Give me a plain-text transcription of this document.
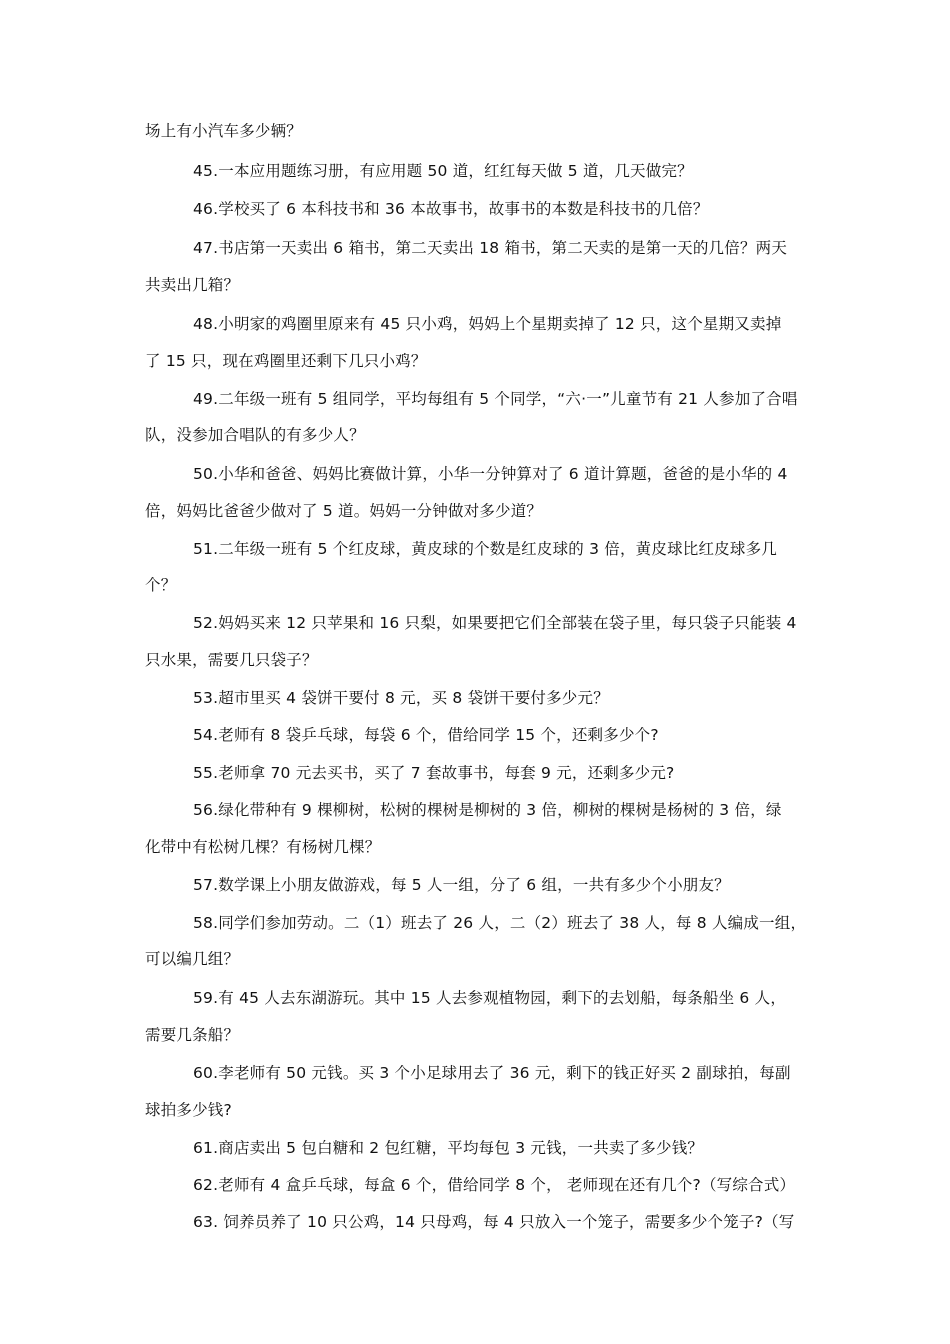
场上有小汽车多少辆？
45.一本应用题练习册，有应用题 50 道，红红每天做 5 道，几天做完？
46.学校买了 6 本科技书和 36 本故事书，故事书的本数是科技书的几倍？
47.书店第一天卖出 6 箱书，第二天卖出 18 箱书，第二天卖的是第一天的几倍？两天
共卖出几箱？
48.小明家的鸡圈里原来有 45 只小鸡，妈妈上个星期卖掉了 12 只，这个星期又卖掉
了 15 只，现在鸡圈里还剩下几只小鸡？
49.二年级一班有 5 组同学，平均每组有 5 个同学，“六·一”儿童节有 21 人参加了合唱
队，没参加合唱队的有多少人？
50.小华和爸爸、妈妈比赛做计算，小华一分钟算对了 6 道计算题，爸爸的是小华的 4
倍，妈妈比爸爸少做对了 5 道。妈妈一分钟做对多少道？
51.二年级一班有 5 个红皮球，黄皮球的个数是红皮球的 3 倍，黄皮球比红皮球多几
个？
52.妈妈买来 12 只苹果和 16 只梨，如果要把它们全部装在袋子里，每只袋子只能装 4
只水果，需要几只袋子？
53.超市里买 4 袋饼干要付 8 元，买 8 袋饼干要付多少元？
54.老师有 8 袋乒乓球，每袋 6 个，借给同学 15 个，还剩多少个?
55.老师拿 70 元去买书，买了 7 套故事书，每套 9 元，还剩多少元?
56.绿化带种有 9 棵柳树，松树的棵树是柳树的 3 倍，柳树的棵树是杨树的 3 倍，绿
化带中有松树几棵？有杨树几棵？
57.数学课上小朋友做游戏，每 5 人一组，分了 6 组，一共有多少个小朋友？
58.同学们参加劳动。二（1）班去了 26 人，二（2）班去了 38 人，每 8 人编成一组，
可以编几组？
59.有 45 人去东湖游玩。其中 15 人去参观植物园，剩下的去划船，每条船坐 6 人，
需要几条船？
60.李老师有 50 元钱。买 3 个小足球用去了 36 元，剩下的钱正好买 2 副球拍，每副
球拍多少钱?
61.商店卖出 5 包白糖和 2 包红糖，平均每包 3 元钱，一共卖了多少钱？
62.老师有 4 盒乒乓球，每盒 6 个，借给同学 8 个， 老师现在还有几个?（写综合式）
63. 饲养员养了 10 只公鸡，14 只母鸡，每 4 只放入一个笼子，需要多少个笼子?（写
